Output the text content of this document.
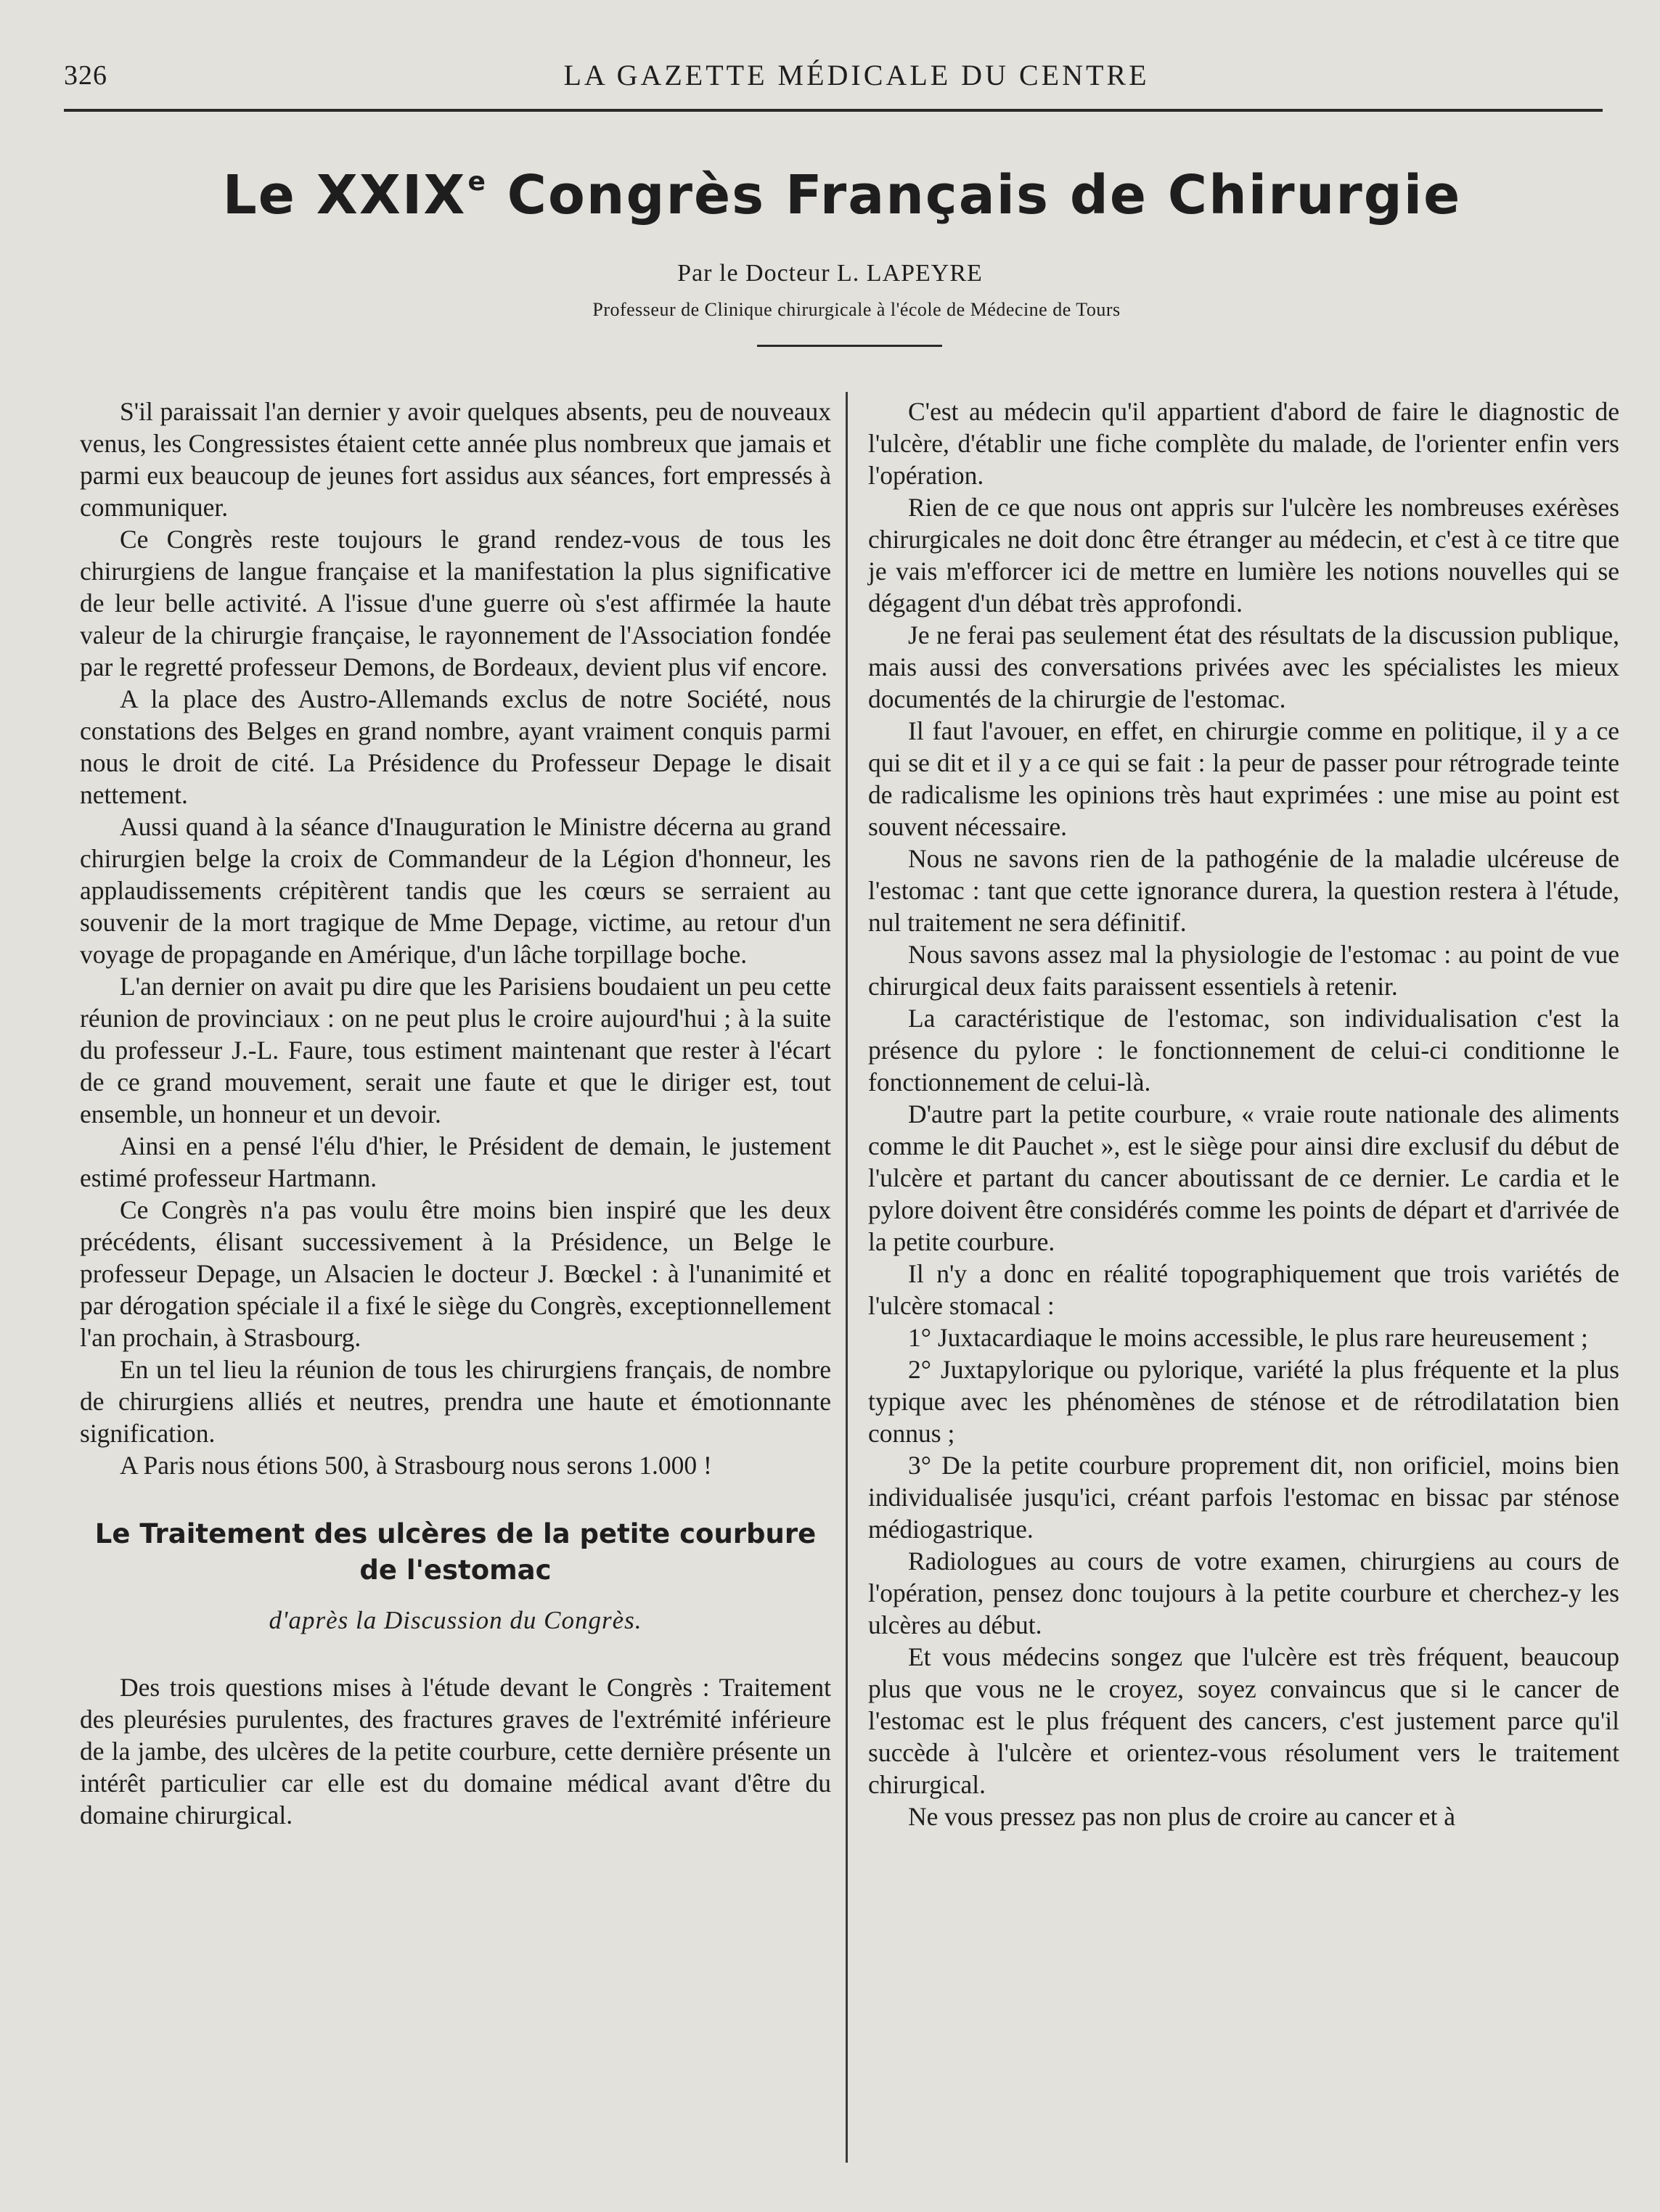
326	LA GAZETTE MÉDICALE DU CENTRE
Le XXIXe Congrès Français de Chirurgie
Par le Docteur L. LAPEYRE
Professeur de Clinique chirurgicale à l'école de Médecine de Tours

S'il paraissait l'an dernier y avoir quelques absents, peu de nouveaux venus, les Congressistes étaient cette année plus nombreux que jamais et parmi eux beaucoup de jeunes fort assidus aux séances, fort empressés à communiquer.

Ce Congrès reste toujours le grand rendez-vous de tous les chirurgiens de langue française et la manifestation la plus significative de leur belle activité. A l'issue d'une guerre où s'est affirmée la haute valeur de la chirurgie française, le rayonnement de l'Association fondée par le regretté professeur Demons, de Bordeaux, devient plus vif encore.

A la place des Austro-Allemands exclus de notre Société, nous constations des Belges en grand nombre, ayant vraiment conquis parmi nous le droit de cité. La Présidence du Professeur Depage le disait nettement.

Aussi quand à la séance d'Inauguration le Ministre décerna au grand chirurgien belge la croix de Commandeur de la Légion d'honneur, les applaudissements crépitèrent tandis que les cœurs se serraient au souvenir de la mort tragique de Mme Depage, victime, au retour d'un voyage de propagande en Amérique, d'un lâche torpillage boche.

L'an dernier on avait pu dire que les Parisiens boudaient un peu cette réunion de provinciaux : on ne peut plus le croire aujourd'hui ; à la suite du professeur J.-L. Faure, tous estiment maintenant que rester à l'écart de ce grand mouvement, serait une faute et que le diriger est, tout ensemble, un honneur et un devoir.

Ainsi en a pensé l'élu d'hier, le Président de demain, le justement estimé professeur Hartmann.

Ce Congrès n'a pas voulu être moins bien inspiré que les deux précédents, élisant successivement à la Présidence, un Belge le professeur Depage, un Alsacien le docteur J. Bœckel : à l'unanimité et par dérogation spéciale il a fixé le siège du Congrès, exceptionnellement l'an prochain, à Strasbourg.

En un tel lieu la réunion de tous les chirurgiens français, de nombre de chirurgiens alliés et neutres, prendra une haute et émotionnante signification.

A Paris nous étions 500, à Strasbourg nous serons 1.000 !

Le Traitement des ulcères de la petite courbure de l'estomac
d'après la Discussion du Congrès.

Des trois questions mises à l'étude devant le Congrès : Traitement des pleurésies purulentes, des fractures graves de l'extrémité inférieure de la jambe, des ulcères de la petite courbure, cette dernière présente un intérêt particulier car elle est du domaine médical avant d'être du domaine chirurgical.

C'est au médecin qu'il appartient d'abord de faire le diagnostic de l'ulcère, d'établir une fiche complète du malade, de l'orienter enfin vers l'opération.

Rien de ce que nous ont appris sur l'ulcère les nombreuses exérèses chirurgicales ne doit donc être étranger au médecin, et c'est à ce titre que je vais m'efforcer ici de mettre en lumière les notions nouvelles qui se dégagent d'un débat très approfondi.

Je ne ferai pas seulement état des résultats de la discussion publique, mais aussi des conversations privées avec les spécialistes les mieux documentés de la chirurgie de l'estomac.

Il faut l'avouer, en effet, en chirurgie comme en politique, il y a ce qui se dit et il y a ce qui se fait : la peur de passer pour rétrograde teinte de radicalisme les opinions très haut exprimées : une mise au point est souvent nécessaire.

Nous ne savons rien de la pathogénie de la maladie ulcéreuse de l'estomac : tant que cette ignorance durera, la question restera à l'étude, nul traitement ne sera définitif.

Nous savons assez mal la physiologie de l'estomac : au point de vue chirurgical deux faits paraissent essentiels à retenir.

La caractéristique de l'estomac, son individualisation c'est la présence du pylore : le fonctionnement de celui-ci conditionne le fonctionnement de celui-là.

D'autre part la petite courbure, « vraie route nationale des aliments comme le dit Pauchet », est le siège pour ainsi dire exclusif du début de l'ulcère et partant du cancer aboutissant de ce dernier. Le cardia et le pylore doivent être considérés comme les points de départ et d'arrivée de la petite courbure.

Il n'y a donc en réalité topographiquement que trois variétés de l'ulcère stomacal :

1° Juxtacardiaque le moins accessible, le plus rare heureusement ;

2° Juxtapylorique ou pylorique, variété la plus fréquente et la plus typique avec les phénomènes de sténose et de rétrodilatation bien connus ;

3° De la petite courbure proprement dit, non orificiel, moins bien individualisée jusqu'ici, créant parfois l'estomac en bissac par sténose médiogastrique.

Radiologues au cours de votre examen, chirurgiens au cours de l'opération, pensez donc toujours à la petite courbure et cherchez-y les ulcères au début.

Et vous médecins songez que l'ulcère est très fréquent, beaucoup plus que vous ne le croyez, soyez convaincus que si le cancer de l'estomac est le plus fréquent des cancers, c'est justement parce qu'il succède à l'ulcère et orientez-vous résolument vers le traitement chirurgical.

Ne vous pressez pas non plus de croire au cancer et à
